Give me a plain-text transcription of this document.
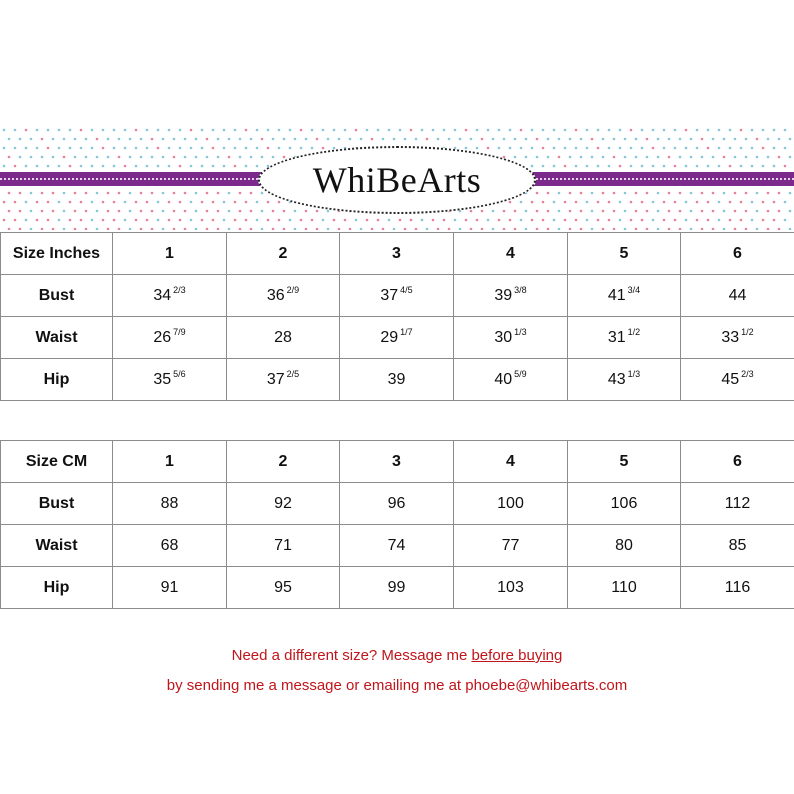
WhiBeArts
Size Inches	1	2	3	4	5	6
Bust	34 $^{2/3}$	36 $^{2/9}$	37 $^{4/5}$	39 $^{3/8}$	41 $^{3/4}$	44
Waist	26 $^{7/9}$	28	29 $^{1/7}$	30 $^{1/3}$	31 $^{1/2}$	33 $^{1/2}$
Hip	35 $^{5/6}$	37 $^{2/5}$	39	40 $^{5/9}$	43 $^{1/3}$	45 $^{2/3}$
Size CM	1	2	3	4	5	6
Bust	88	92	96	100	106	112
Waist	68	71	74	77	80	85
Hip	91	95	99	103	110	116
Need a different size? Message me before buying
by sending me a message or emailing me at phoebe@whibearts.com
